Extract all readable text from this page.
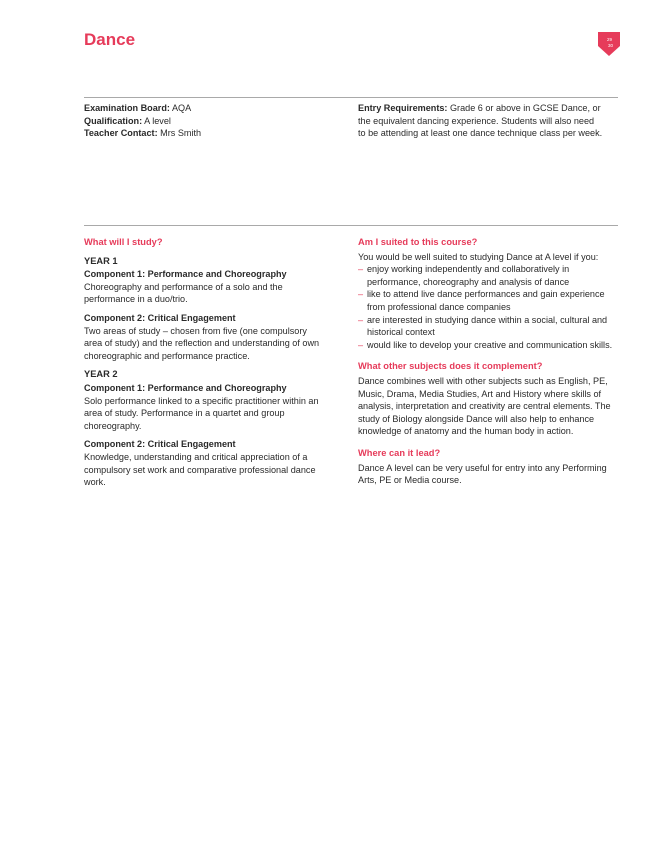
Dance	29
30
Examination Board: AQA
Qualification: A level
Teacher Contact: Mrs Smith
Entry Requirements: Grade 6 or above in GCSE Dance, or
the equivalent dancing experience. Students will also need
to be attending at least one dance technique class per week.
What will I study?
YEAR 1
Component 1: Performance and Choreography
Choreography and performance of a solo and the performance in a duo/trio.
Component 2: Critical Engagement
Two areas of study – chosen from five (one compulsory area of study) and the reflection and understanding of own choreographic and performance practice.
YEAR 2
Component 1: Performance and Choreography
Solo performance linked to a specific practitioner within an area of study. Performance in a quartet and group choreography.
Component 2: Critical Engagement
Knowledge, understanding and critical appreciation of a compulsory set work and comparative professional dance work.
Am I suited to this course?
You would be well suited to studying Dance at A level if you:
– enjoy working independently and collaboratively in performance, choreography and analysis of dance
– like to attend live dance performances and gain experience from professional dance companies
– are interested in studying dance within a social, cultural and historical context
– would like to develop your creative and communication skills.
What other subjects does it complement?
Dance combines well with other subjects such as English, PE, Music, Drama, Media Studies, Art and History where skills of analysis, interpretation and creativity are central elements. The study of Biology alongside Dance will also help to enhance knowledge of anatomy and the human body in action.
Where can it lead?
Dance A level can be very useful for entry into any Performing Arts, PE or Media course.
